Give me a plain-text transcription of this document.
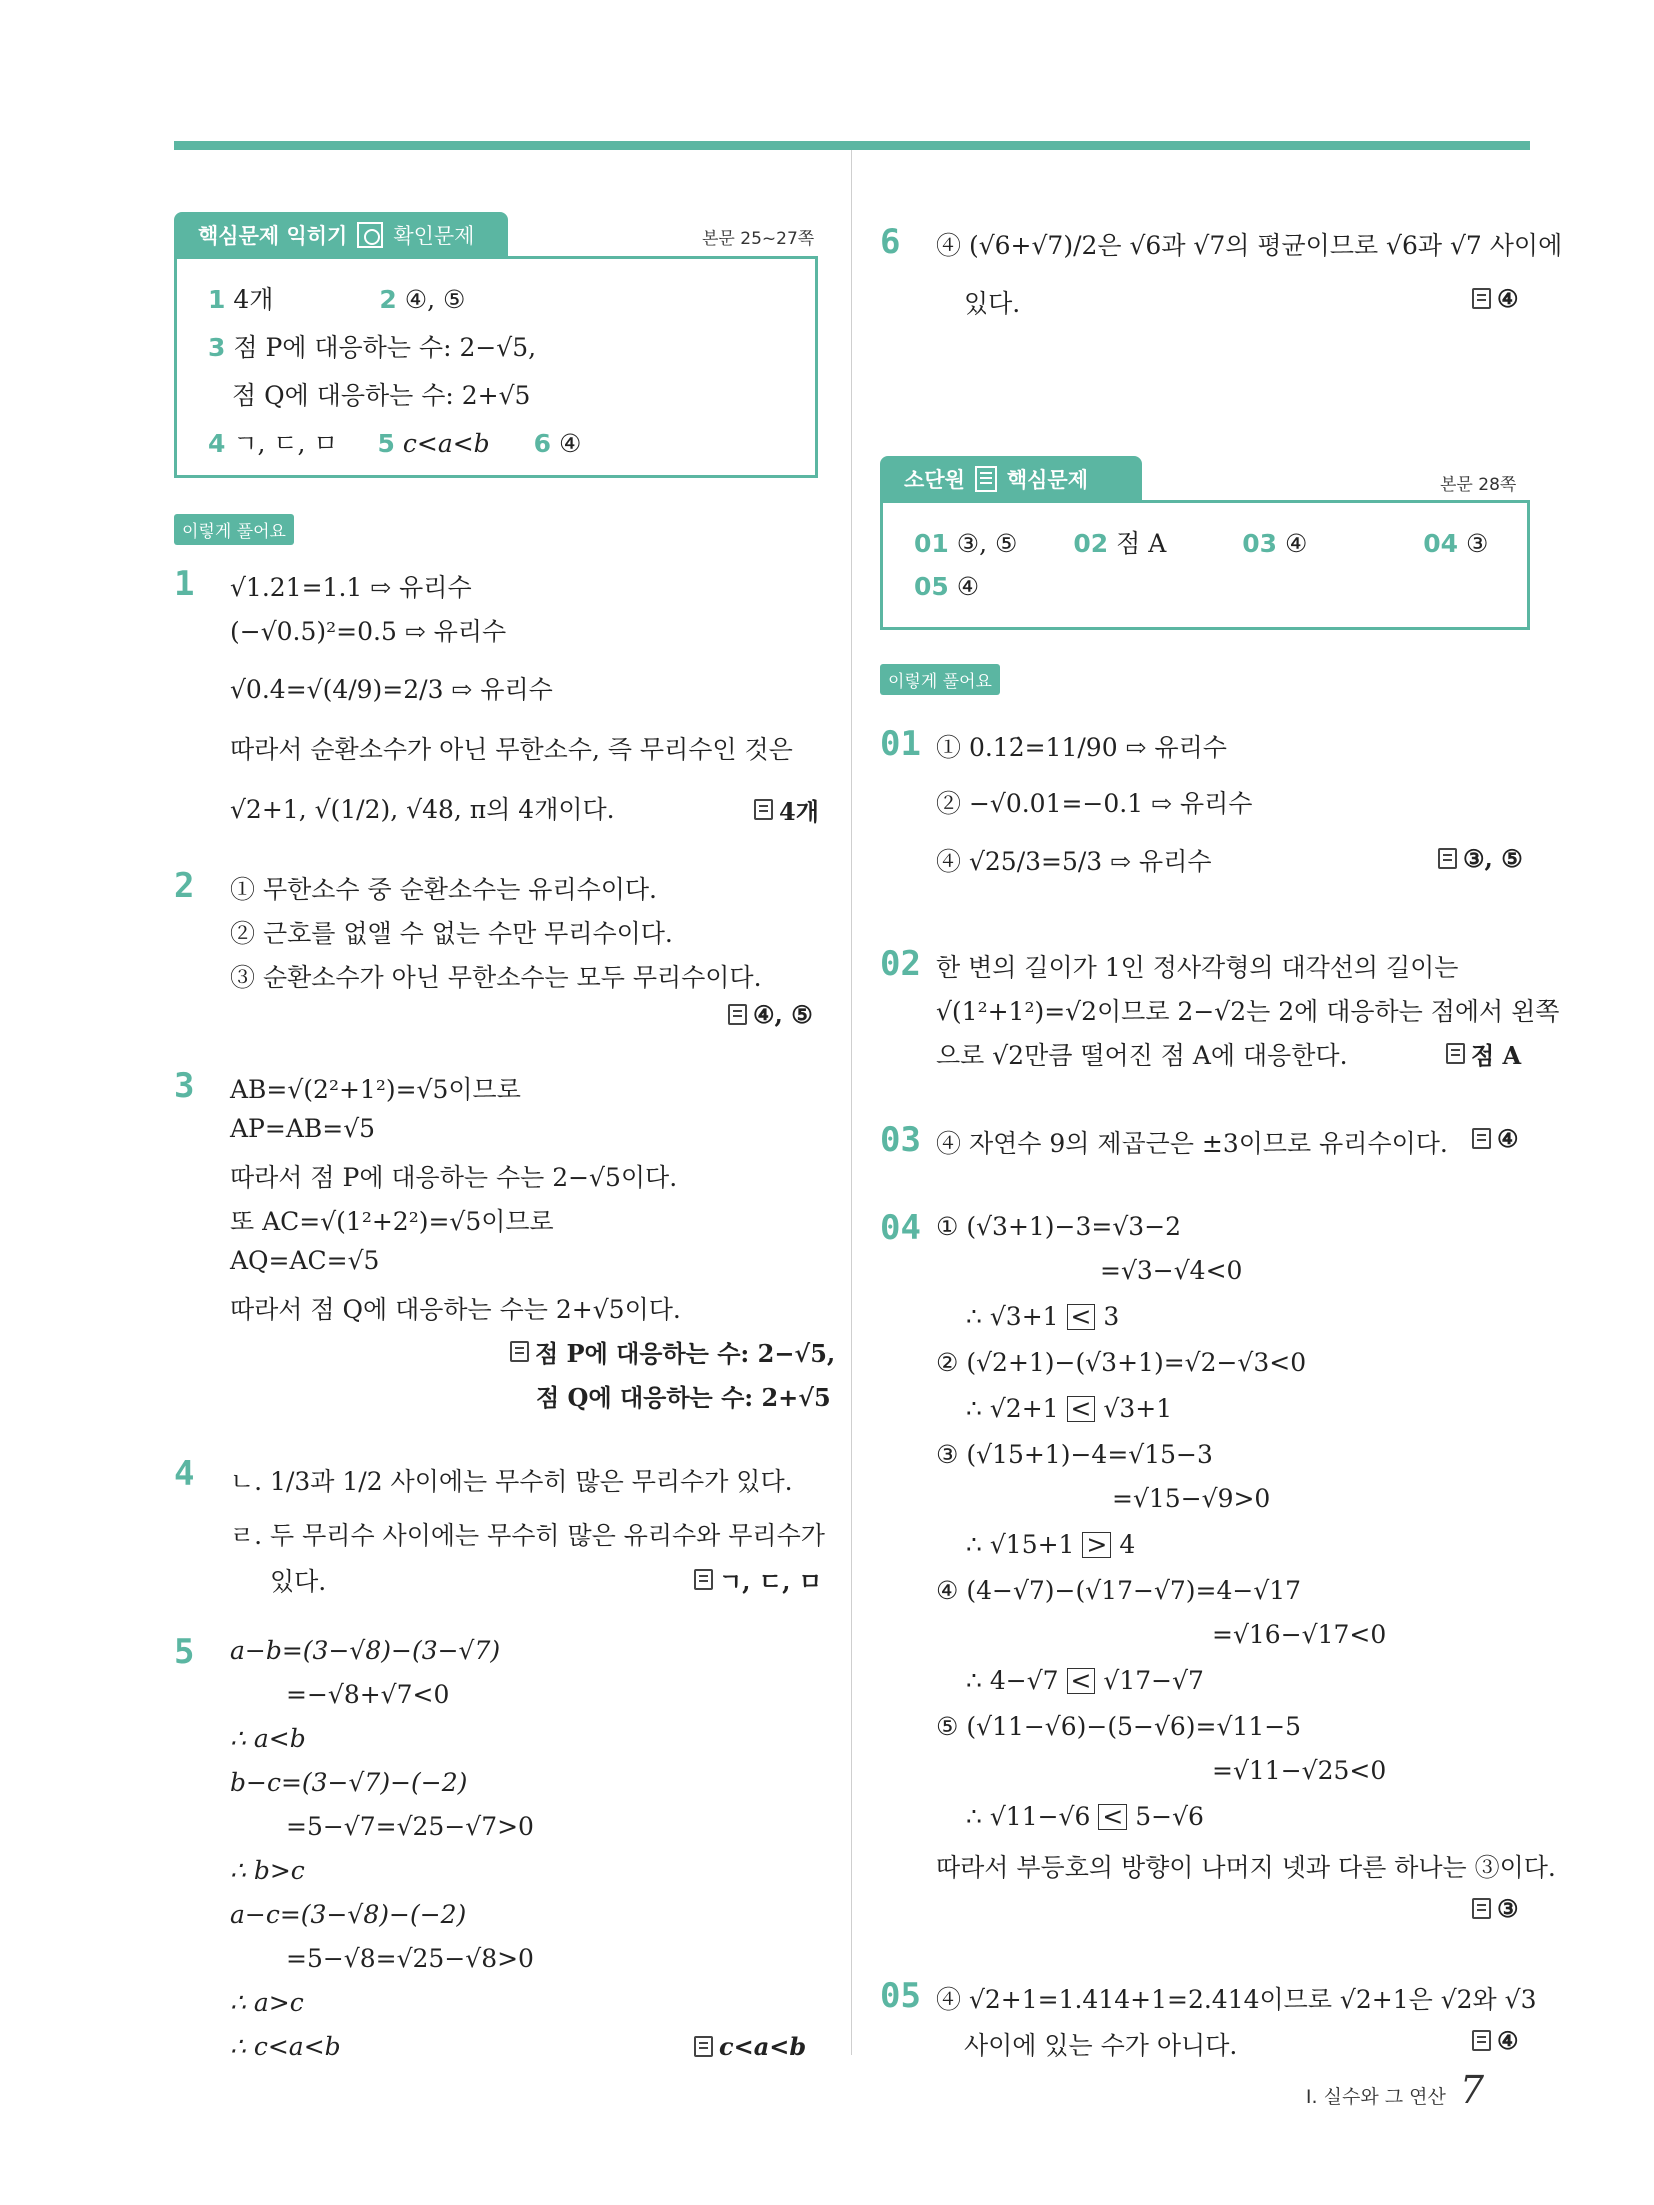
핵심문제 익히기 확인문제	본문 25~27쪽
1 4개	2 ④, ⑤
3 점 P에 대응하는 수: 2−√5,
점 Q에 대응하는 수: 2+√5
4 ㄱ, ㄷ, ㅁ 5 c<a<b 6 ④
이렇게 풀어요
1 √1.21=1.1 ⇨ 유리수
(−√0.5)²=0.5 ⇨ 유리수
√0.4̇=√(4/9)=2/3 ⇨ 유리수
따라서 순환소수가 아닌 무한소수, 즉 무리수인 것은
√2+1, √(1/2), √48, π의 4개이다.	4개
2 ① 무한소수 중 순환소수는 유리수이다.
② 근호를 없앨 수 없는 수만 무리수이다.
③ 순환소수가 아닌 무한소수는 모두 무리수이다.
④, ⑤
3 AB=√(2²+1²)=√5이므로
AP=AB=√5
따라서 점 P에 대응하는 수는 2−√5이다.
또 AC=√(1²+2²)=√5이므로
AQ=AC=√5
따라서 점 Q에 대응하는 수는 2+√5이다.
점 P에 대응하는 수: 2−√5,
점 Q에 대응하는 수: 2+√5
4 ㄴ. 1/3과 1/2 사이에는 무수히 많은 무리수가 있다.
ㄹ. 두 무리수 사이에는 무수히 많은 유리수와 무리수가
있다.	ㄱ, ㄷ, ㅁ
5 a−b=(3−√8)−(3−√7)
=−√8+√7<0
∴ a<b
b−c=(3−√7)−(−2)
=5−√7=√25−√7>0
∴ b>c
a−c=(3−√8)−(−2)
=5−√8=√25−√8>0
∴ a>c
∴ c<a<b	c<a<b
6 ④ (√6+√7)/2은 √6과 √7의 평균이므로 √6과 √7 사이에
있다.	④
소단원 핵심문제	본문 28쪽
01 ③, ⑤ 02 점 A	03 ④	04 ③
05 ④
이렇게 풀어요
01 ① 0.12̇=11/90 ⇨ 유리수
② −√0.01=−0.1 ⇨ 유리수
④ √25/3=5/3 ⇨ 유리수	③, ⑤
02 한 변의 길이가 1인 정사각형의 대각선의 길이는
√(1²+1²)=√2이므로 2−√2는 2에 대응하는 점에서 왼쪽
으로 √2만큼 떨어진 점 A에 대응한다.	점 A
03 ④ 자연수 9의 제곱근은 ±3이므로 유리수이다. ④
04 ① (√3+1)−3=√3−2
=√3−√4<0
∴ √3+1 < 3
② (√2+1)−(√3+1)=√2−√3<0
∴ √2+1 < √3+1
③ (√15+1)−4=√15−3
=√15−√9>0
∴ √15+1 > 4
④ (4−√7)−(√17−√7)=4−√17
=√16−√17<0
∴ 4−√7 < √17−√7
⑤ (√11−√6)−(5−√6)=√11−5
=√11−√25<0
∴ √11−√6 < 5−√6
따라서 부등호의 방향이 나머지 넷과 다른 하나는 ③이다.
③
05 ④ √2+1=1.414+1=2.414이므로 √2+1은 √2와 √3
사이에 있는 수가 아니다.	④
I. 실수와 그 연산 7
